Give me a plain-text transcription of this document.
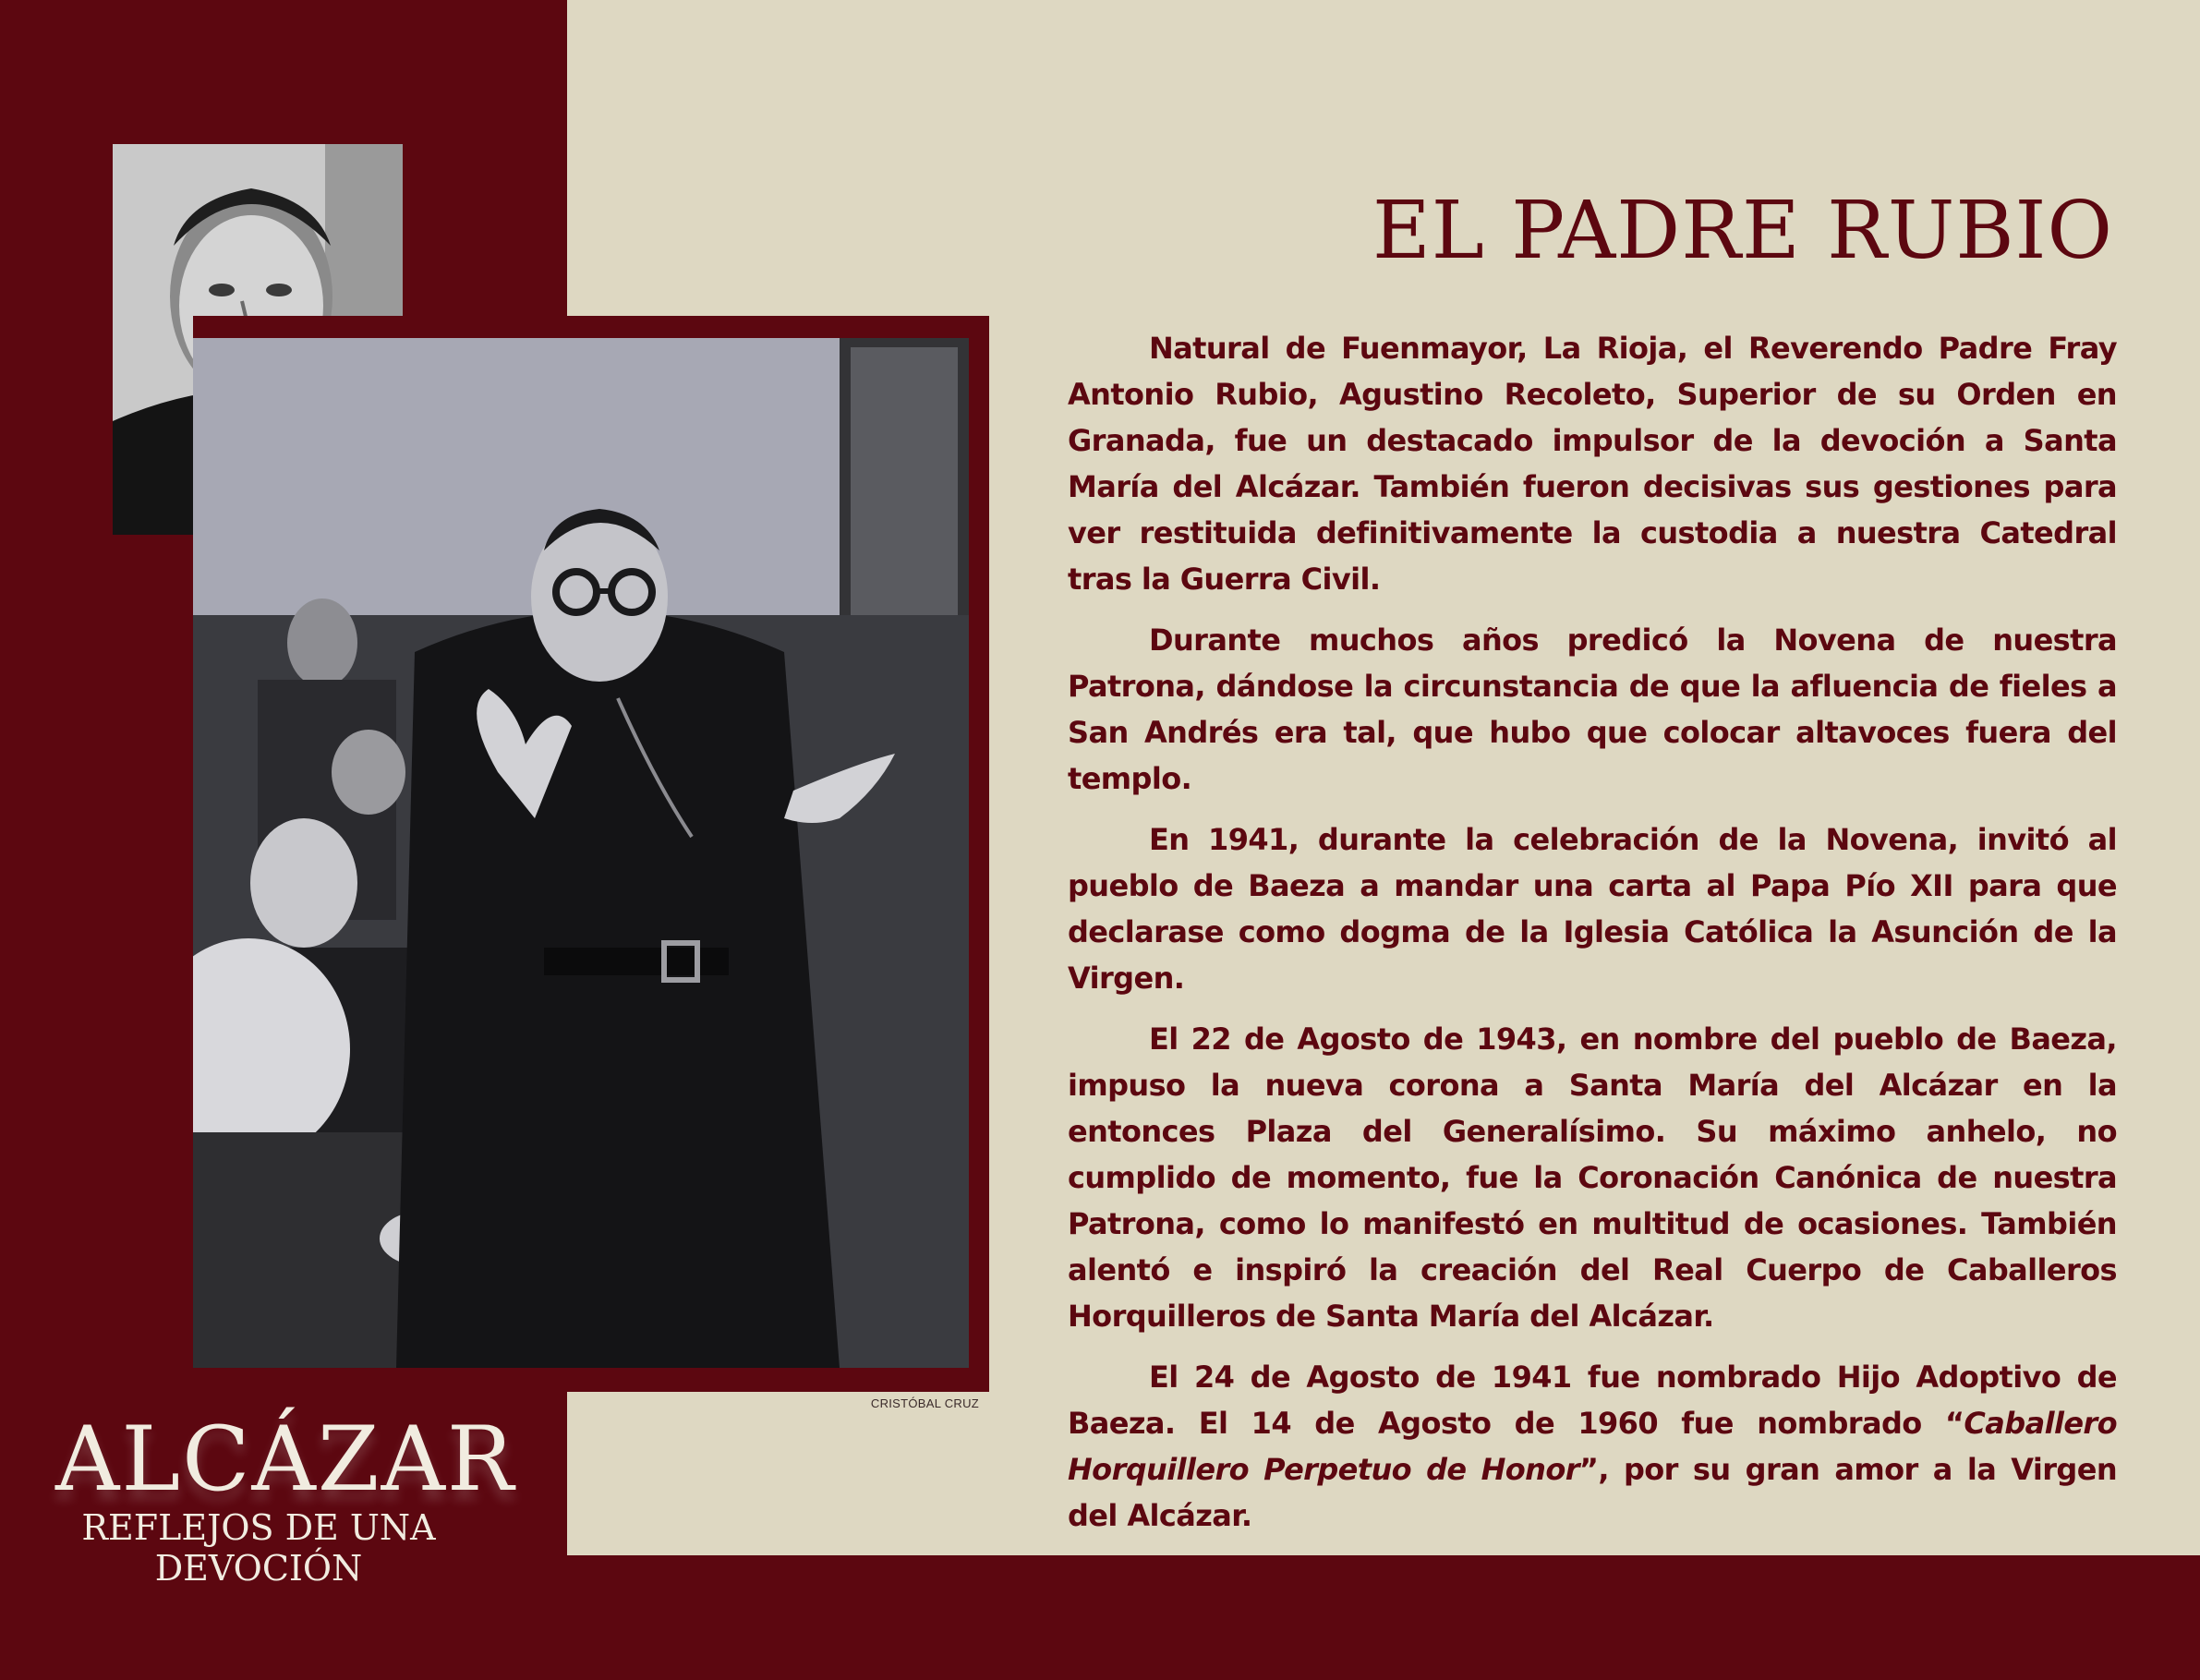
CRISTÓBAL CRUZ
EL PADRE RUBIO

Natural de Fuenmayor, La Rioja, el Reverendo Padre Fray Antonio Rubio, Agustino Recoleto, Superior de su Orden en Granada, fue un destacado impulsor de la devoción a Santa María del Alcázar. También fueron decisivas sus gestiones para ver restituida definitivamente la custodia a nuestra Catedral tras la Guerra Civil.

Durante muchos años predicó la Novena de nuestra Patrona, dándose la circunstancia de que la afluencia de fieles a San Andrés era tal, que hubo que colocar altavoces fuera del templo.

En 1941, durante la celebración de la Novena, invitó al pueblo de Baeza a mandar una carta al Papa Pío XII para que declarase como dogma de la Iglesia Católica la Asunción de la Virgen.

El 22 de Agosto de 1943, en nombre del pueblo de Baeza, impuso la nueva corona a Santa María del Alcázar en la entonces Plaza del Generalísimo. Su máximo anhelo, no cumplido de momento, fue la Coronación Canónica de nuestra Patrona, como lo manifestó en multitud de ocasiones. También alentó e inspiró la creación del Real Cuerpo de Caballeros Horquilleros de Santa María del Alcázar.

El 24 de Agosto de 1941 fue nombrado Hijo Adoptivo de Baeza. El 14 de Agosto de 1960 fue nombrado “Caballero Horquillero Perpetuo de Honor”, por su gran amor a la Virgen del Alcázar.

ALCÁZAR
REFLEJOS DE UNA
DEVOCIÓN
